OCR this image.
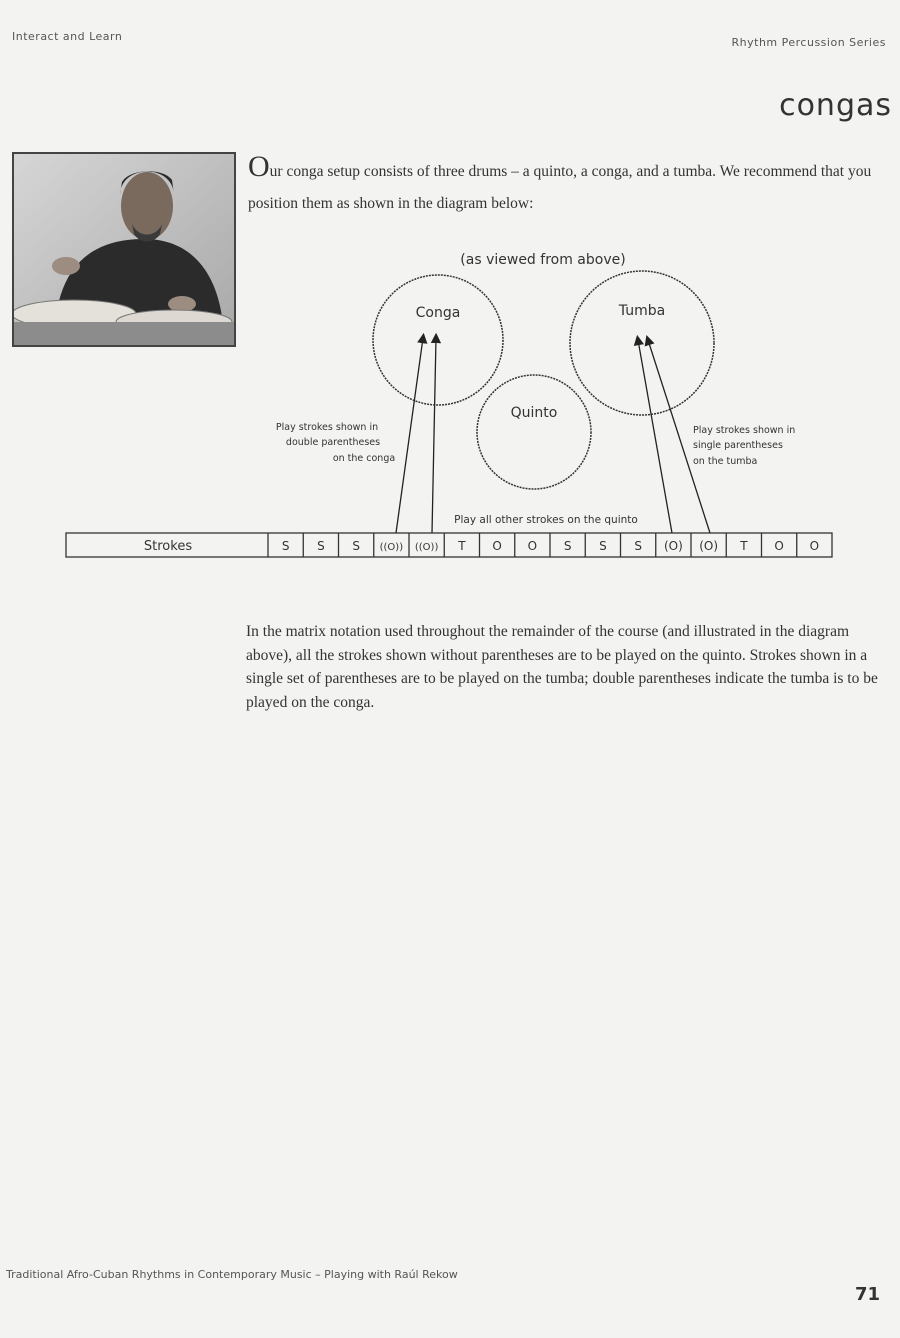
Interact and Learn	Rhythm Percussion Series
congas
Our conga setup consists of three drums – a quinto, a conga, and a tumba. We recommend that you position them as shown in the diagram below:
(as viewed from above)
Conga	Tumba
Quinto
Play strokes shown in
double parentheses
on the conga
Play strokes shown in
single parentheses
on the tumba
Play all other strokes on the quinto
Strokes	S S S ((O)) ((O)) T O O S S S (O) (O) T O O
In the matrix notation used throughout the remainder of the course (and illustrated in the diagram above), all the strokes shown without parentheses are to be played on the quinto. Strokes shown in a single set of parentheses are to be played on the tumba; double parentheses indicate the tumba is to be played on the conga.
Traditional Afro-Cuban Rhythms in Contemporary Music – Playing with Raúl Rekow
71
